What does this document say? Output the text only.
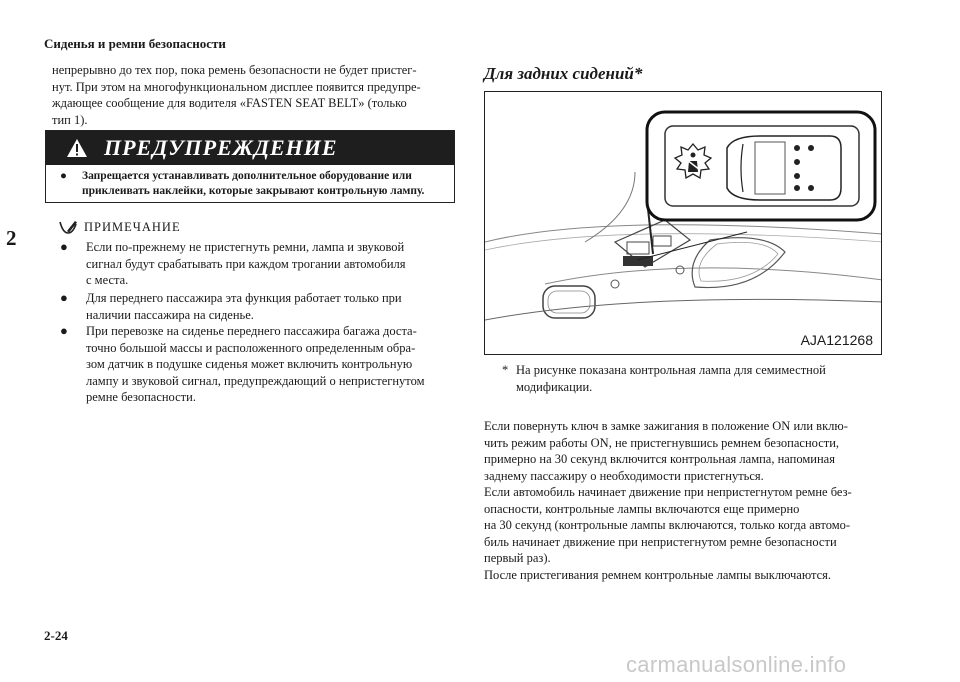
Сиденья и ремни безопасности
2
непрерывно до тех пор, пока ремень безопасности не будет пристег-
нут. При этом на многофункциональном дисплее появится предупре-
ждающее сообщение для водителя «FASTEN SEAT BELT» (только
тип 1).
ПРЕДУПРЕЖДЕНИЕ
● Запрещается устанавливать дополнительное оборудование или
приклеивать наклейки, которые закрывают контрольную лампу.
ПРИМЕЧАНИЕ
● Если по-прежнему не пристегнуть ремни, лампа и звуковой
сигнал будут срабатывать при каждом трогании автомобиля
с места.
● Для переднего пассажира эта функция работает только при
наличии пассажира на сиденье.
● При перевозке на сиденье переднего пассажира багажа доста-
точно большой массы и расположенного определенным обра-
зом датчик в подушке сиденья может включить контрольную
лампу и звуковой сигнал, предупреждающий о непристегнутом
ремне безопасности.
Для задних сидений*
AJA121268
* На рисунке показана контрольная лампа для семиместной
модификации.
Если повернуть ключ в замке зажигания в положение ON или вклю-
чить режим работы ON, не пристегнувшись ремнем безопасности,
примерно на 30 секунд включится контрольная лампа, напоминая
заднему пассажиру о необходимости пристегнуться.
Если автомобиль начинает движение при непристегнутом ремне без-
опасности, контрольные лампы включаются еще примерно
на 30 секунд (контрольные лампы включаются, только когда автомо-
биль начинает движение при непристегнутом ремне безопасности
первый раз).
После пристегивания ремнем контрольные лампы выключаются.
2-24
carmanualsonline.info
